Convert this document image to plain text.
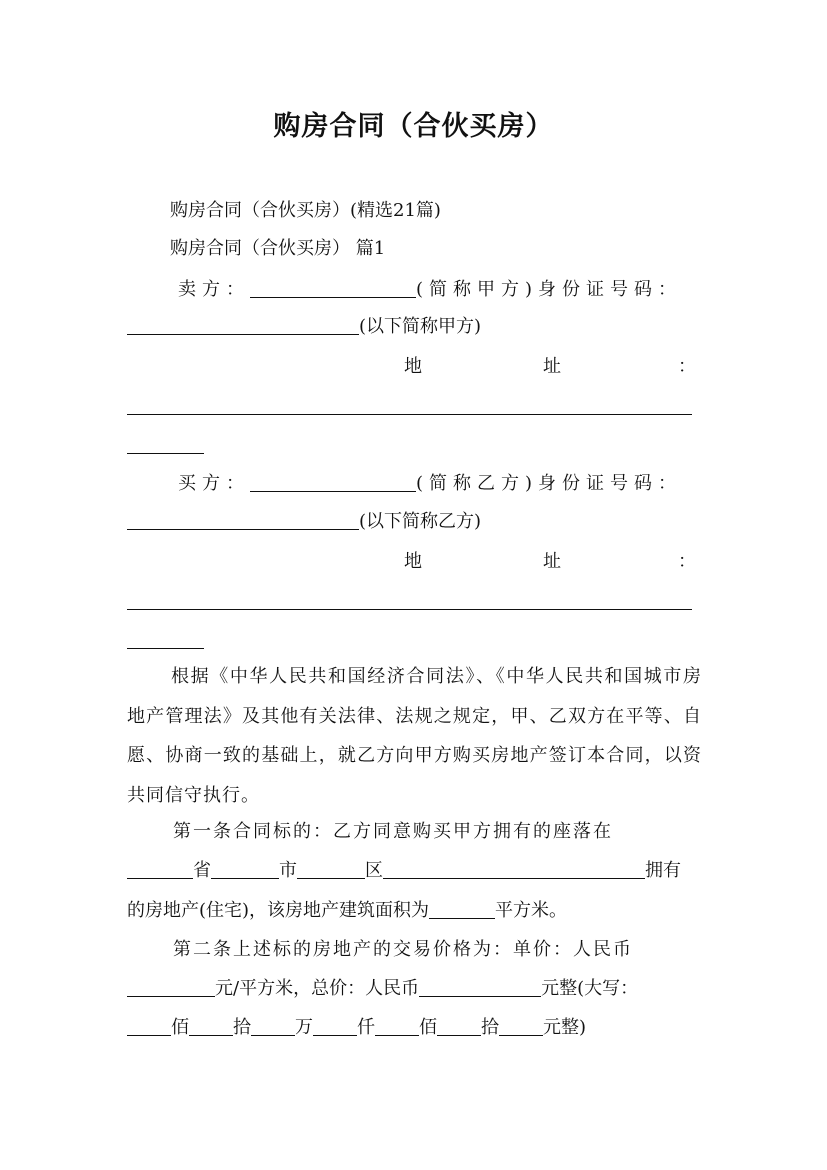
购房合同（合伙买房）
购房合同（合伙买房）(精选21篇)
购房合同（合伙买房） 篇1
卖方：	(简称甲方)身份证号码：
(以下简称甲方)
地	址	：
买方：	(简称乙方)身份证号码：
(以下简称乙方)
地	址	：
根据《中华人民共和国经济合同法》、《中华人民共和国城市房地产管理法》及其他有关法律、法规之规定，甲、乙双方在平等、自愿、协商一致的基础上，就乙方向甲方购买房地产签订本合同，以资共同信守执行。
第一条合同标的：乙方同意购买甲方拥有的座落在
省	市	区	拥有
的房地产(住宅)，该房地产建筑面积为	平方米。
第二条上述标的房地产的交易价格为：单价：人民币
元/平方米，总价：人民币	元整(大写：
佰 拾 万 仟 佰 拾 元整)
